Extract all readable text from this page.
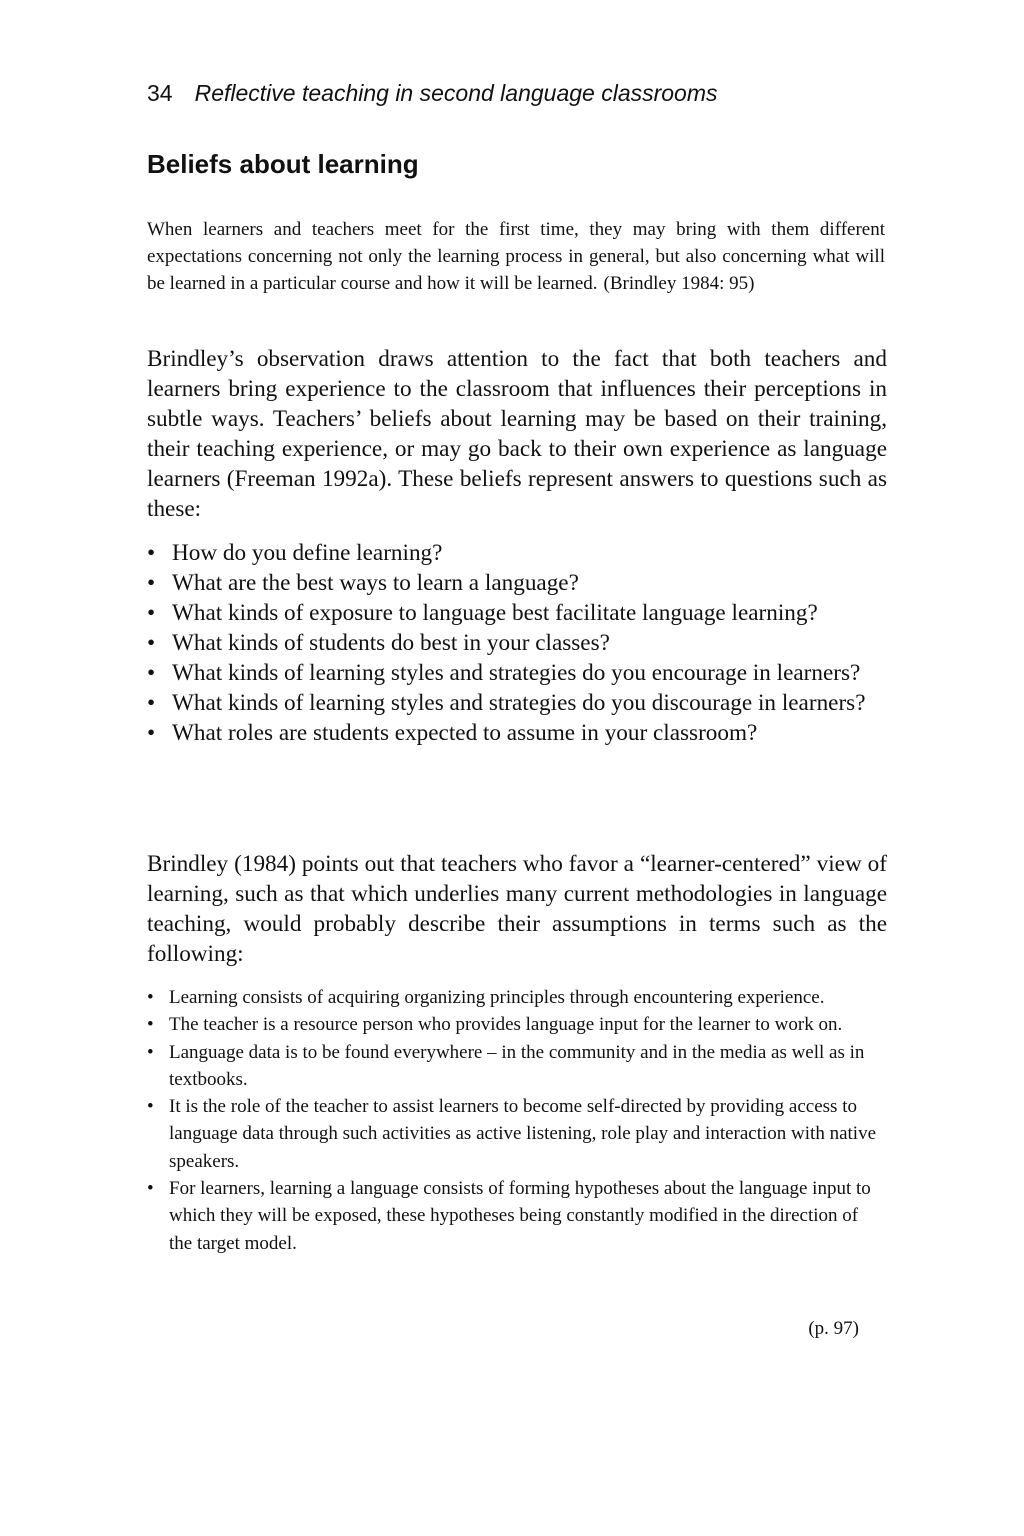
34 Reflective teaching in second language classrooms
Beliefs about learning

When learners and teachers meet for the first time, they may bring with them different expectations concerning not only the learning process in general, but also concerning what will be learned in a particular course and how it will be learned. (Brindley 1984: 95)

Brindley’s observation draws attention to the fact that both teachers and learners bring experience to the classroom that influences their perceptions in subtle ways. Teachers’ beliefs about learning may be based on their training, their teaching experience, or may go back to their own experience as language learners (Freeman 1992a). These beliefs represent answers to questions such as these:

• How do you define learning?
• What are the best ways to learn a language?
• What kinds of exposure to language best facilitate language learning?
• What kinds of students do best in your classes?
• What kinds of learning styles and strategies do you encourage in learners?
• What kinds of learning styles and strategies do you discourage in learners?
• What roles are students expected to assume in your classroom?

Brindley (1984) points out that teachers who favor a “learner-centered” view of learning, such as that which underlies many current methodologies in language teaching, would probably describe their assumptions in terms such as the following:

• Learning consists of acquiring organizing principles through encountering experience.
• The teacher is a resource person who provides language input for the learner to work on.
• Language data is to be found everywhere – in the community and in the media as well as in textbooks.
• It is the role of the teacher to assist learners to become self-directed by providing access to language data through such activities as active listening, role play and interaction with native speakers.
• For learners, learning a language consists of forming hypotheses about the language input to which they will be exposed, these hypotheses being constantly modified in the direction of the target model.
(p. 97)
